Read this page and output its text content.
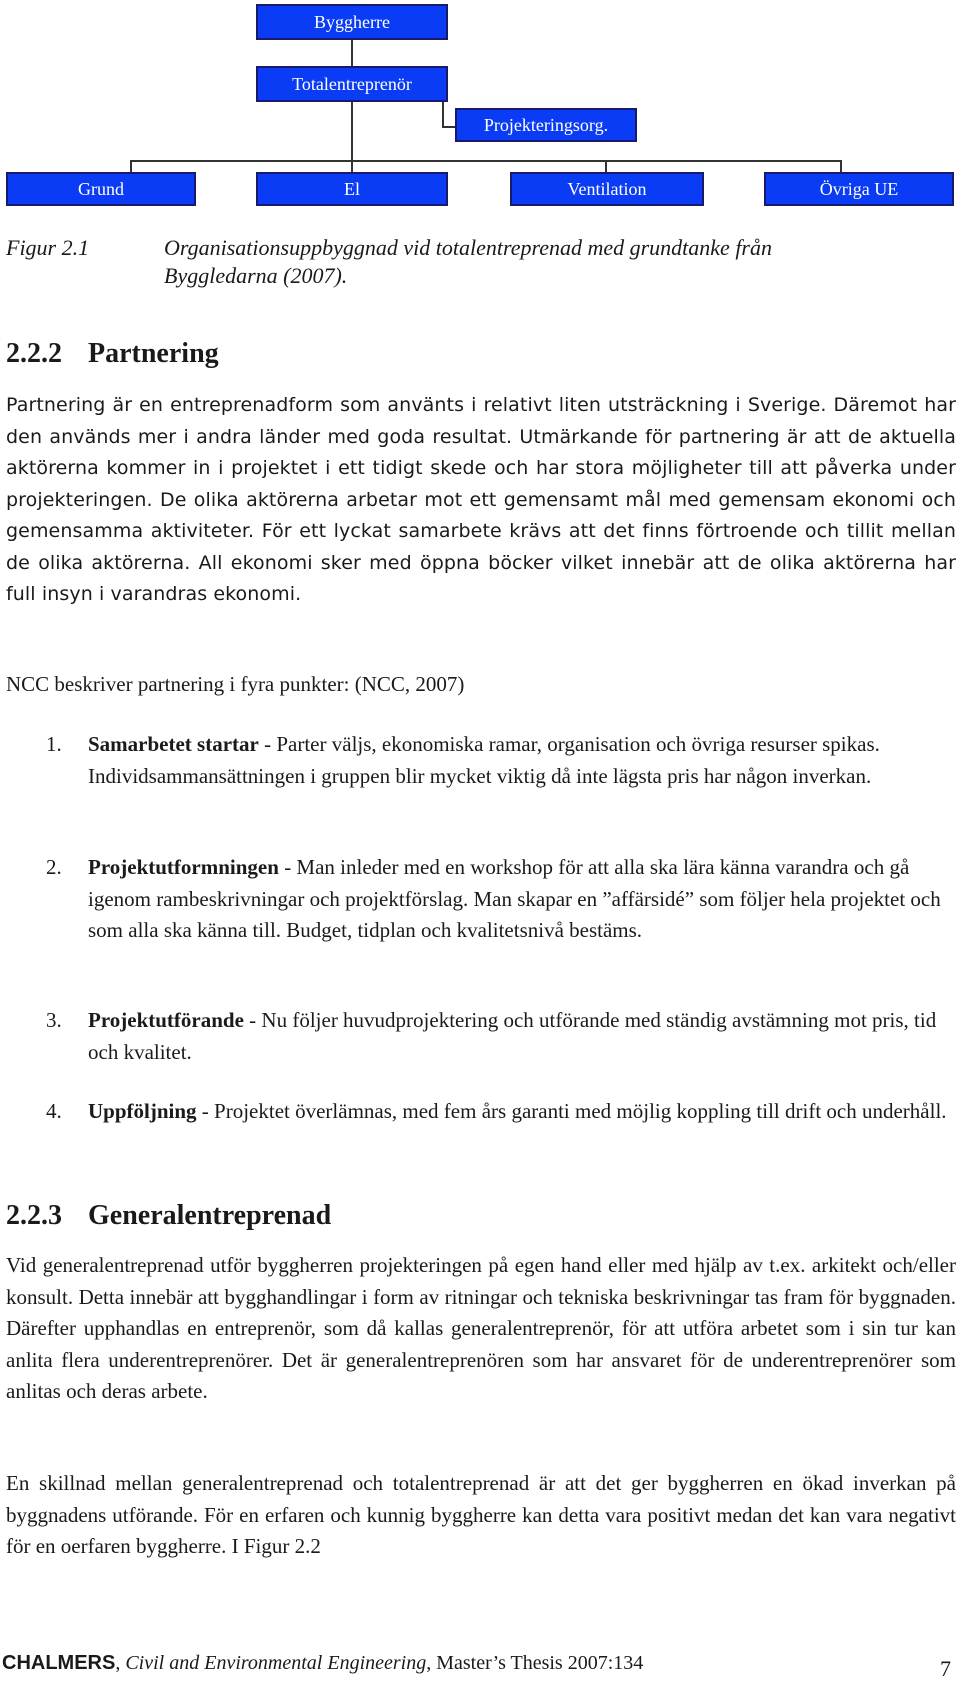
Byggherre
Totalentreprenör
Projekteringsorg.
Grund	El	Ventilation	Övriga UE
Figur 2.1	Organisationsuppbyggnad vid totalentreprenad med grundtanke från
Byggledarna (2007).
2.2.2 Partnering

Partnering är en entreprenadform som använts i relativt liten utsträckning i Sverige. Däremot har den används mer i andra länder med goda resultat. Utmärkande för partnering är att de aktuella aktörerna kommer in i projektet i ett tidigt skede och har stora möjligheter till att påverka under projekteringen. De olika aktörerna arbetar mot ett gemensamt mål med gemensam ekonomi och gemensamma aktiviteter. För ett lyckat samarbete krävs att det finns förtroende och tillit mellan de olika aktörerna. All ekonomi sker med öppna böcker vilket innebär att de olika aktörerna har full insyn i varandras ekonomi.

NCC beskriver partnering i fyra punkter: (NCC, 2007)
1. Samarbetet startar - Parter väljs, ekonomiska ramar, organisation och övriga resurser spikas. Individsammansättningen i gruppen blir mycket viktig då inte lägsta pris har någon inverkan.
2. Projektutformningen - Man inleder med en workshop för att alla ska lära känna varandra och gå igenom rambeskrivningar och projektförslag. Man skapar en ”affärsidé” som följer hela projektet och som alla ska känna till. Budget, tidplan och kvalitetsnivå bestäms.
3. Projektutförande - Nu följer huvudprojektering och utförande med ständig avstämning mot pris, tid och kvalitet.
4. Uppföljning - Projektet överlämnas, med fem års garanti med möjlig koppling till drift och underhåll.
2.2.3 Generalentreprenad

Vid generalentreprenad utför byggherren projekteringen på egen hand eller med hjälp av t.ex. arkitekt och/eller konsult. Detta innebär att bygghandlingar i form av ritningar och tekniska beskrivningar tas fram för byggnaden. Därefter upphandlas en entreprenör, som då kallas generalentreprenör, för att utföra arbetet som i sin tur kan anlita flera underentreprenörer. Det är generalentreprenören som har ansvaret för de underentreprenörer som anlitas och deras arbete.

En skillnad mellan generalentreprenad och totalentreprenad är att det ger byggherren en ökad inverkan på byggnadens utförande. För en erfaren och kunnig byggherre kan detta vara positivt medan det kan vara negativt för en oerfaren byggherre. I Figur 2.2

CHALMERS, Civil and Environmental Engineering, Master’s Thesis 2007:134	7
